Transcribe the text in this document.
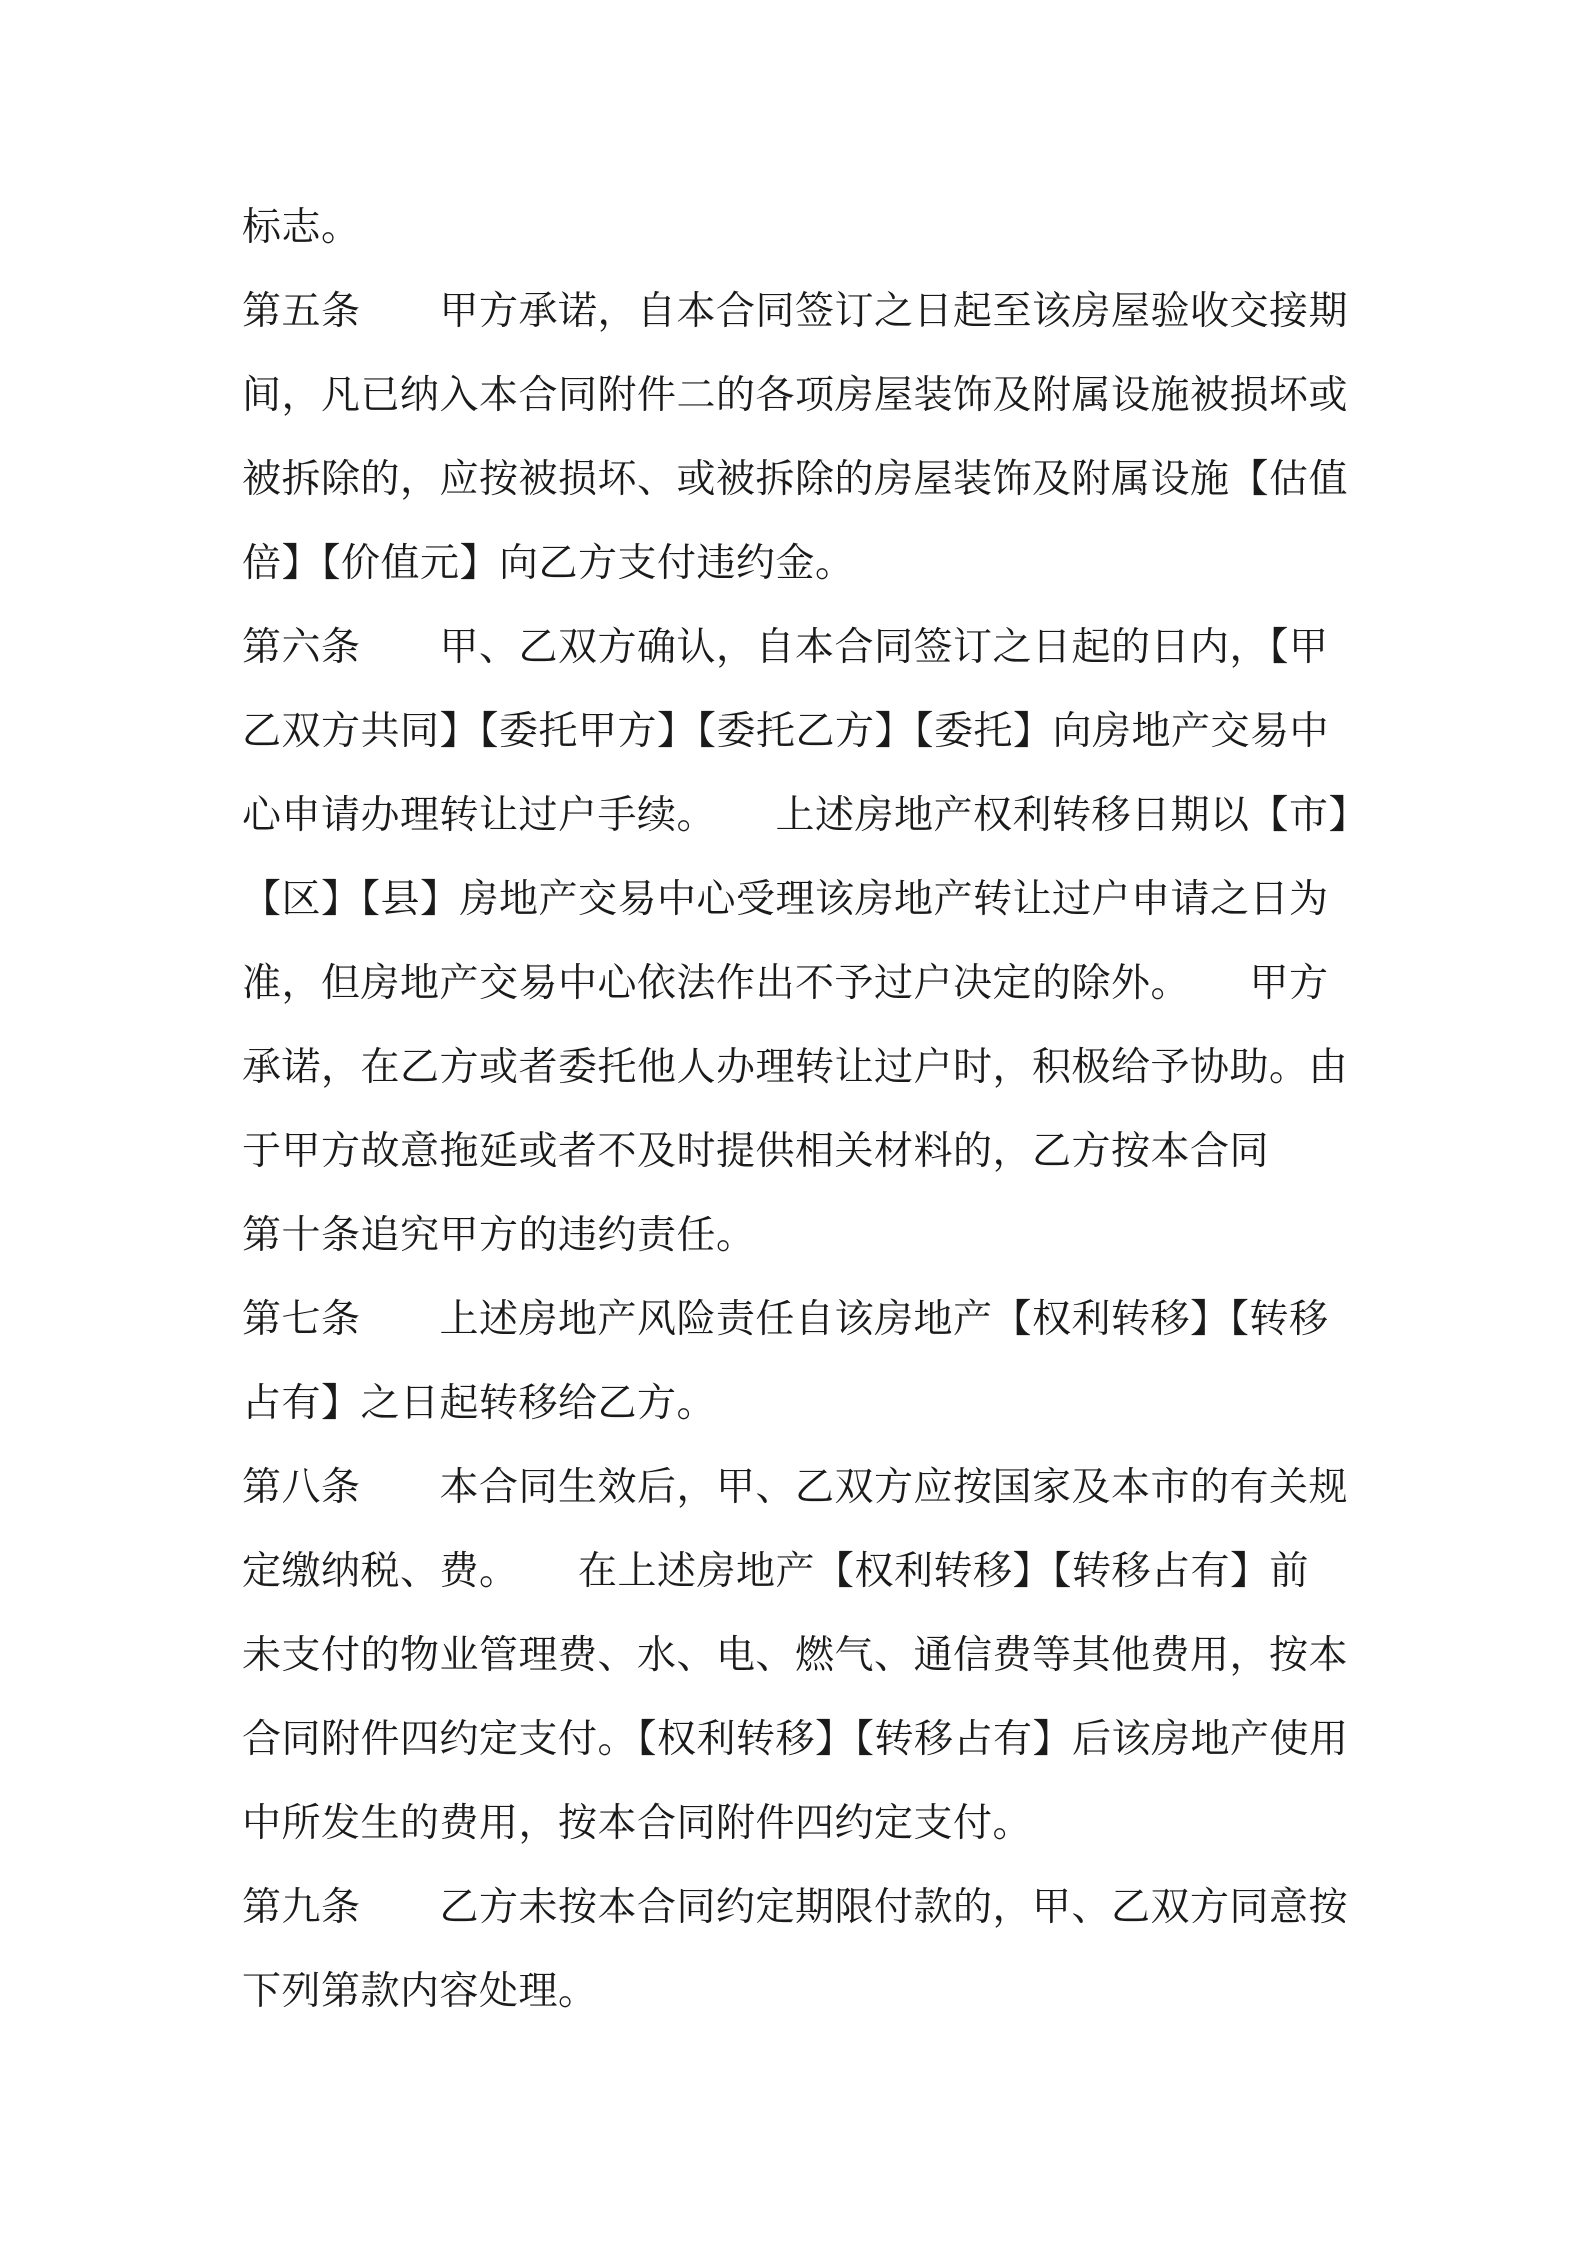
标志。
第五条　　甲方承诺，自本合同签订之日起至该房屋验收交接期
间，凡已纳入本合同附件二的各项房屋装饰及附属设施被损坏或
被拆除的，应按被损坏、或被拆除的房屋装饰及附属设施【估值
倍】【价值元】向乙方支付违约金。
第六条　　甲、乙双方确认，自本合同签订之日起的日内，【甲
乙双方共同】【委托甲方】【委托乙方】【委托】向房地产交易中
心申请办理转让过户手续。　　上述房地产权利转移日期以【市】
【区】【县】房地产交易中心受理该房地产转让过户申请之日为
准，但房地产交易中心依法作出不予过户决定的除外。　　甲方
承诺，在乙方或者委托他人办理转让过户时，积极给予协助。由
于甲方故意拖延或者不及时提供相关材料的，乙方按本合同
第十条追究甲方的违约责任。
第七条　　上述房地产风险责任自该房地产【权利转移】【转移
占有】之日起转移给乙方。
第八条　　本合同生效后，甲、乙双方应按国家及本市的有关规
定缴纳税、费。　　在上述房地产【权利转移】【转移占有】前
未支付的物业管理费、水、电、燃气、通信费等其他费用，按本
合同附件四约定支付。【权利转移】【转移占有】后该房地产使用
中所发生的费用，按本合同附件四约定支付。
第九条　　乙方未按本合同约定期限付款的，甲、乙双方同意按
下列第款内容处理。
